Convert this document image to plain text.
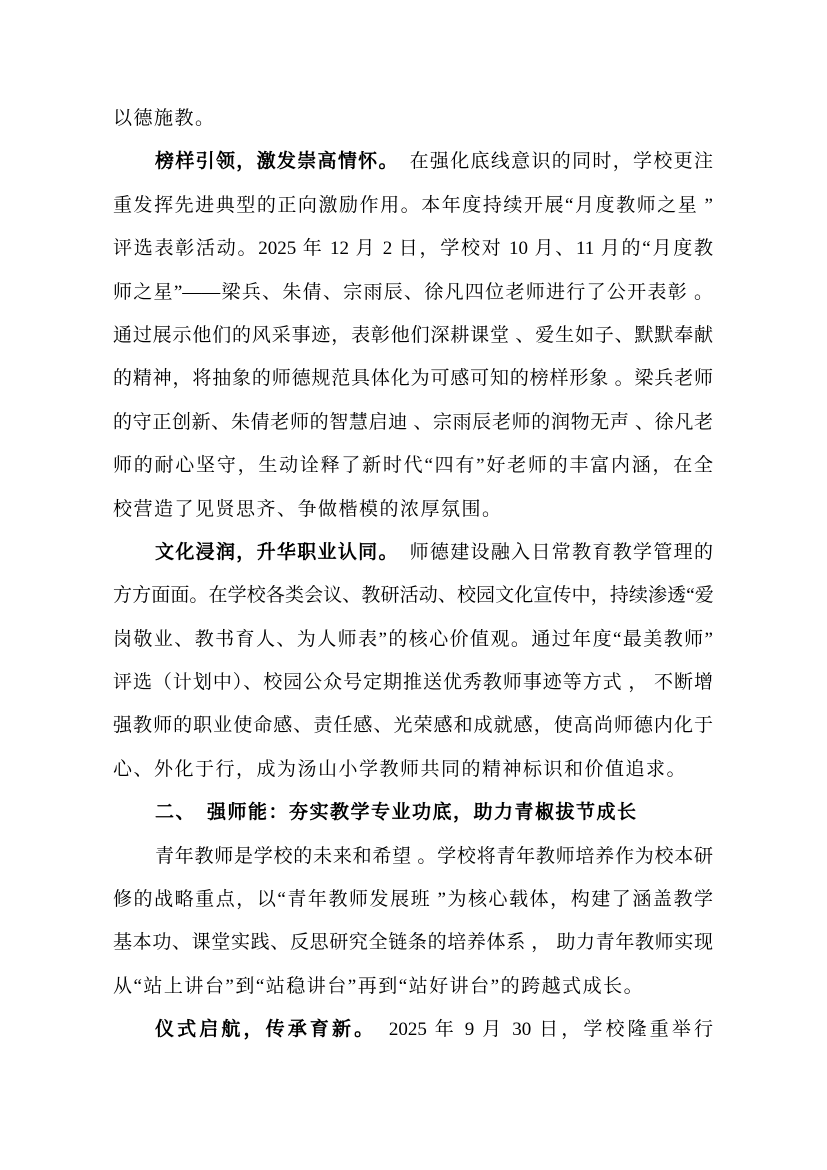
以德施教。
榜样引领，激发崇高情怀。　在强化底线意识的同时，学校更注
重发挥先进典型的正向激励作用。本年度持续开展“月度教师之星 ”
评选表彰活动。2025 年 12 月 2 日，学校对 10 月、11 月的“月度教
师之星”——梁兵、朱倩、宗雨辰、徐凡四位老师进行了公开表彰 。
通过展示他们的风采事迹，表彰他们深耕课堂 、爱生如子、默默奉献
的精神，将抽象的师德规范具体化为可感可知的榜样形象 。梁兵老师
的守正创新、朱倩老师的智慧启迪 、宗雨辰老师的润物无声 、徐凡老
师的耐心坚守，生动诠释了新时代“四有”好老师的丰富内涵，在全
校营造了见贤思齐、争做楷模的浓厚氛围。
文化浸润，升华职业认同。　师德建设融入日常教育教学管理的
方方面面。在学校各类会议、教研活动、校园文化宣传中，持续渗透“爱
岗敬业、教书育人、为人师表”的核心价值观。通过年度“最美教师”
评选（计划中）、校园公众号定期推送优秀教师事迹等方式 ， 不断增
强教师的职业使命感、责任感、光荣感和成就感，使高尚师德内化于
心、外化于行，成为汤山小学教师共同的精神标识和价值追求。
二、　强师能：夯实教学专业功底，助力青椒拔节成长
青年教师是学校的未来和希望 。学校将青年教师培养作为校本研
修的战略重点，以“青年教师发展班 ”为核心载体，构建了涵盖教学
基本功、课堂实践、反思研究全链条的培养体系 ， 助力青年教师实现
从“站上讲台”到“站稳讲台”再到“站好讲台”的跨越式成长。
仪式启航，传承育新。　2025 年 9 月 30 日，学校隆重举行
